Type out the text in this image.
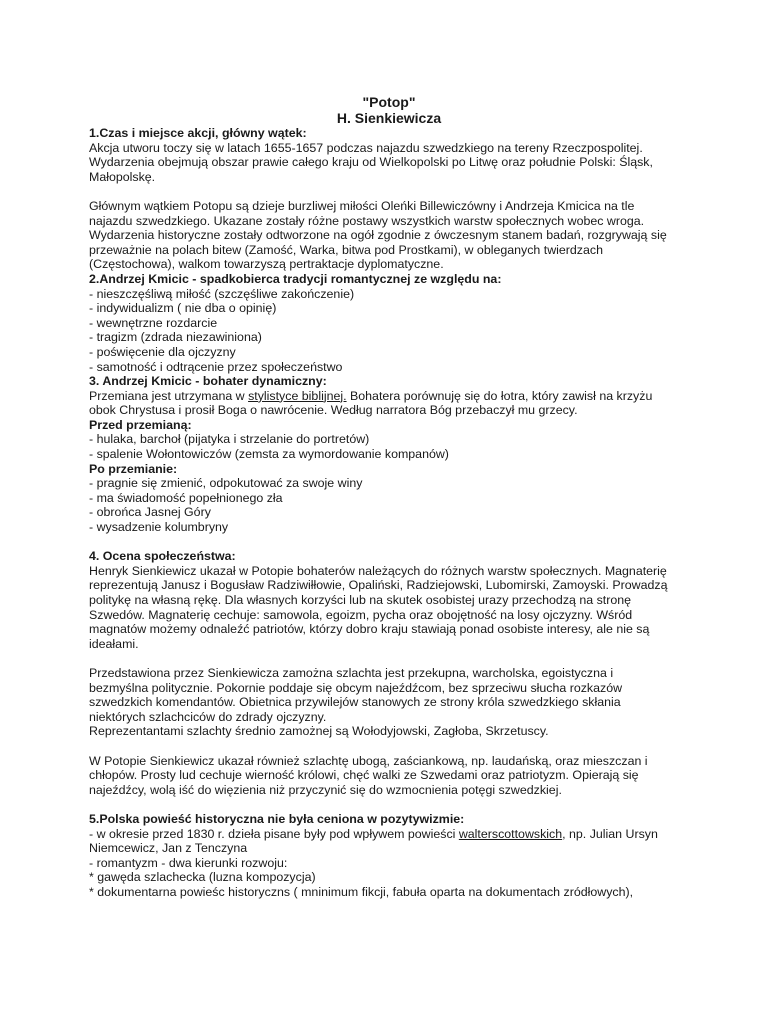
"Potop"
H. Sienkiewicza
1.Czas i miejsce akcji, główny wątek:
Akcja utworu toczy się w latach 1655-1657 podczas najazdu szwedzkiego na tereny Rzeczpospolitej.
Wydarzenia obejmują obszar prawie całego kraju od Wielkopolski po Litwę oraz południe Polski: Śląsk,
Małopolskę.
Głównym wątkiem Potopu są dzieje burzliwej miłości Oleńki Billewiczówny i Andrzeja Kmicica na tle
najazdu szwedzkiego. Ukazane zostały różne postawy wszystkich warstw społecznych wobec wroga.
Wydarzenia historyczne zostały odtworzone na ogół zgodnie z ówczesnym stanem badań, rozgrywają się
przeważnie na polach bitew (Zamość, Warka, bitwa pod Prostkami), w obleganych twierdzach
(Częstochowa), walkom towarzyszą pertraktacje dyplomatyczne.
2.Andrzej Kmicic - spadkobierca tradycji romantycznej ze względu na:
- nieszczęśliwą miłość (szczęśliwe zakończenie)
- indywidualizm ( nie dba o opinię)
- wewnętrzne rozdarcie
- tragizm (zdrada niezawiniona)
- poświęcenie dla ojczyzny
- samotność i odtrącenie przez społeczeństwo
3. Andrzej Kmicic - bohater dynamiczny:
Przemiana jest utrzymana w stylistyce biblijnej. Bohatera porównuję się do łotra, który zawisł na krzyżu
obok Chrystusa i prosił Boga o nawrócenie. Według narratora Bóg przebaczył mu grzecy.
Przed przemianą:
- hulaka, barchoł (pijatyka i strzelanie do portretów)
- spalenie Wołontowiczów (zemsta za wymordowanie kompanów)
Po przemianie:
- pragnie się zmienić, odpokutować za swoje winy
- ma świadomość popełnionego zła
- obrońca Jasnej Góry
- wysadzenie kolumbryny
4. Ocena społeczeństwa:
Henryk Sienkiewicz ukazał w Potopie bohaterów należących do różnych warstw społecznych. Magnaterię
reprezentują Janusz i Bogusław Radziwiłłowie, Opaliński, Radziejowski, Lubomirski, Zamoyski. Prowadzą
politykę na własną rękę. Dla własnych korzyści lub na skutek osobistej urazy przechodzą na stronę
Szwedów. Magnaterię cechuje: samowola, egoizm, pycha oraz obojętność na losy ojczyzny. Wśród
magnatów możemy odnaleźć patriotów, którzy dobro kraju stawiają ponad osobiste interesy, ale nie są
ideałami.
Przedstawiona przez Sienkiewicza zamożna szlachta jest przekupna, warcholska, egoistyczna i
bezmyślna politycznie. Pokornie poddaje się obcym najeźdźcom, bez sprzeciwu słucha rozkazów
szwedzkich komendantów. Obietnica przywilejów stanowych ze strony króla szwedzkiego skłania
niektórych szlachciców do zdrady ojczyzny.
Reprezentantami szlachty średnio zamożnej są Wołodyjowski, Zagłoba, Skrzetuscy.
W Potopie Sienkiewicz ukazał również szlachtę ubogą, zaściankową, np. laudańską, oraz mieszczan i
chłopów. Prosty lud cechuje wierność królowi, chęć walki ze Szwedami oraz patriotyzm. Opierają się
najeźdźcy, wolą iść do więzienia niż przyczynić się do wzmocnienia potęgi szwedzkiej.
5.Polska powieść historyczna nie była ceniona w pozytywizmie:
- w okresie przed 1830 r. dzieła pisane były pod wpływem powieści walterscottowskich, np. Julian Ursyn
Niemcewicz, Jan z Tenczyna
- romantyzm - dwa kierunki rozwoju:
* gawęda szlachecka (luzna kompozycja)
* dokumentarna powieśc historyczns ( mninimum fikcji, fabuła oparta na dokumentach zródłowych),
